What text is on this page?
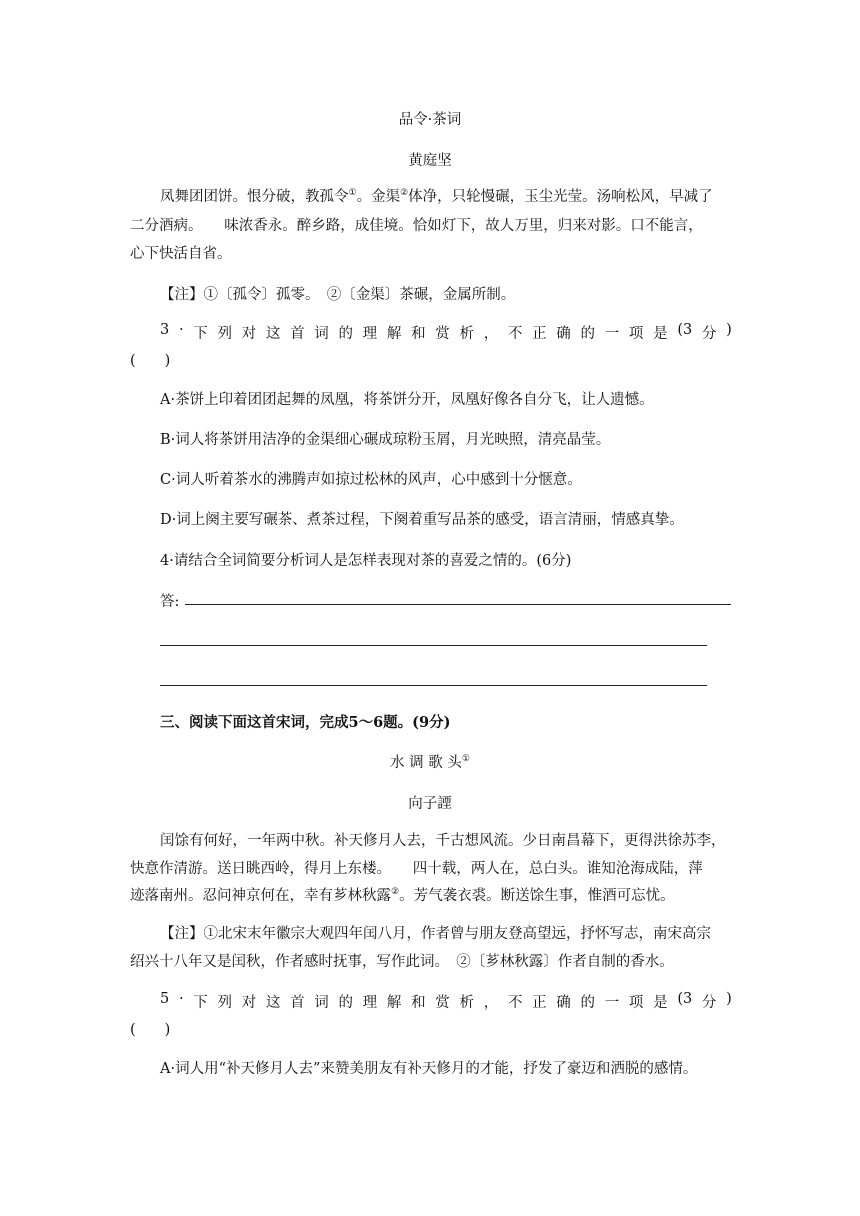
品令·茶词
黄庭坚
凤舞团团饼。恨分破，教孤令①。金渠②体净，只轮慢碾，玉尘光莹。汤响松风，早减了
二分酒病。　　味浓香永。醉乡路，成佳境。恰如灯下，故人万里，归来对影。口不能言，
心下快活自省。
【注】①〔孤令〕孤零。　②〔金渠〕茶碾，金属所制。
3 · 下 列 对 这 首 词 的 理 解 和 赏 析 ， 不 正 确 的 一 项 是 (3 分 )
(　　)
A·茶饼上印着团团起舞的凤凰，将茶饼分开，凤凰好像各自分飞，让人遗憾。
B·词人将茶饼用洁净的金渠细心碾成琼粉玉屑，月光映照，清亮晶莹。
C·词人听着茶水的沸腾声如掠过松林的风声，心中感到十分惬意。
D·词上阕主要写碾茶、煮茶过程，下阕着重写品茶的感受，语言清丽，情感真挚。
4·请结合全词简要分析词人是怎样表现对茶的喜爱之情的。(6分)
答:
三、阅读下面这首宋词，完成5～6题。(9分)
水 调 歌 头①
向子諲
闰馀有何好，一年两中秋。补天修月人去，千古想风流。少日南昌幕下，更得洪徐苏李，
快意作清游。送日眺西岭，得月上东楼。　　四十载，两人在，总白头。谁知沧海成陆，萍
迹落南州。忍问神京何在，幸有芗林秋露②。芳气袭衣裘。断送馀生事，惟酒可忘忧。
【注】①北宋末年徽宗大观四年闰八月，作者曾与朋友登高望远，抒怀写志，南宋高宗
绍兴十八年又是闰秋，作者感时抚事，写作此词。　②〔芗林秋露〕作者自制的香水。
5 · 下 列 对 这 首 词 的 理 解 和 赏 析 ， 不 正 确 的 一 项 是 (3 分 )
(　　)
A·词人用“补天修月人去”来赞美朋友有补天修月的才能，抒发了豪迈和洒脱的感情。
